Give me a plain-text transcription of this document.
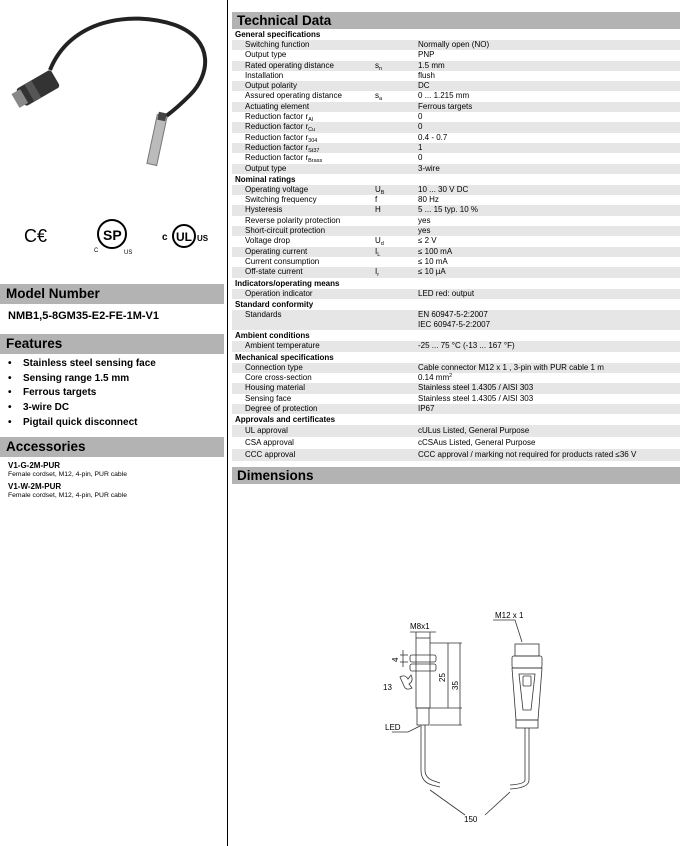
C€	SP
C	US
UL
c	US
Model Number
NMB1,5-8GM35-E2-FE-1M-V1
Features
•	Stainless steel sensing face
•	Sensing range 1.5 mm
•	Ferrous targets
•	3-wire DC
•	Pigtail quick disconnect
Accessories
V1-G-2M-PUR
Female cordset, M12, 4-pin, PUR cable
V1-W-2M-PUR
Female cordset, M12, 4-pin, PUR cable
Technical Data
General specifications
Switching function	Normally open (NO)
Output type	PNP
Rated operating distance	$s_n$	1.5 mm
Installation	flush
Output polarity	DC
Assured operating distance	$s_a$	0 ... 1.215 mm
Actuating element	Ferrous targets
Reduction factor $r_{Al}$	0
Reduction factor $r_{Cu}$	0
Reduction factor $r_{304}$	0.4 - 0.7
Reduction factor $r_{St37}$	1
Reduction factor $r_{Brass}$	0
Output type	3-wire
Nominal ratings
Operating voltage	$U_B$	10 ... 30 V DC
Switching frequency	f	80 Hz
Hysteresis	H	5 ... 15 typ. 10 %
Reverse polarity protection	yes
Short-circuit protection	yes
Voltage drop	$U_d$	≤ 2 V
Operating current	$I_L$	≤ 100 mA
Current consumption	≤ 10 mA
Off-state current	$I_r$	≤ 10 µA
Indicators/operating means
Operation indicator	LED red: output
Standard conformity
Standards	EN 60947-5-2:2007
IEC 60947-5-2:2007
Ambient conditions
Ambient temperature	-25 ... 75 °C (-13 ... 167 °F)
Mechanical specifications
Connection type	Cable connector M12 x 1 , 3-pin with PUR cable 1 m
Core cross-section	0.14 $mm^2$
Housing material	Stainless steel 1.4305 / AISI 303
Sensing face	Stainless steel 1.4305 / AISI 303
Degree of protection	IP67
Approvals and certificates
UL approval	cULus Listed, General Purpose
CSA approval	cCSAus Listed, General Purpose
CCC approval	CCC approval / marking not required for products rated ≤36 V
Dimensions
M8x1
M12 x 1
4
13
25
35
LED
150
